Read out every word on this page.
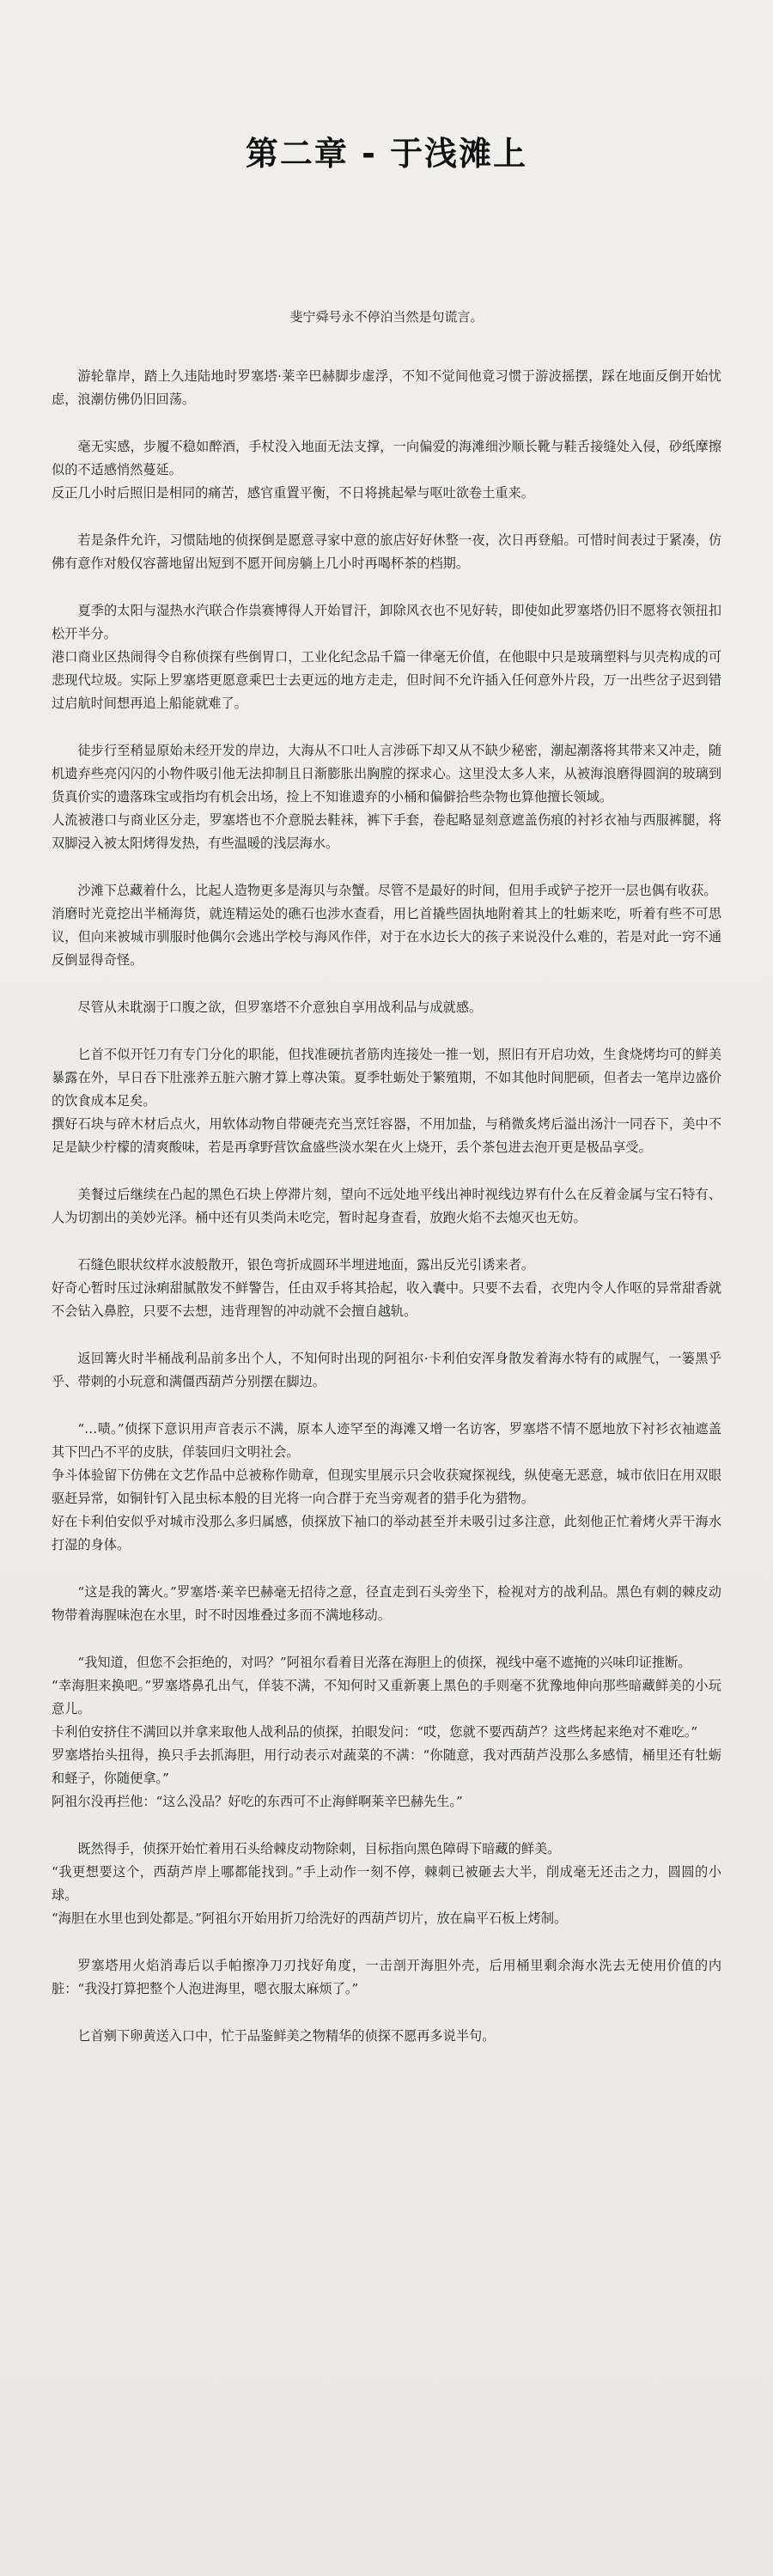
第二章 - 于浅滩上
斐宁舜号永不停泊当然是句谎言。

游轮靠岸，踏上久违陆地时罗塞塔·莱辛巴赫脚步虚浮，不知不觉间他竟习惯于游波摇摆，踩在地面反倒开始忧虑，浪潮仿佛仍旧回荡。

毫无实感，步履不稳如醉酒，手杖没入地面无法支撑，一向偏爱的海滩细沙顺长靴与鞋舌接缝处入侵，砂纸摩擦似的不适感悄然蔓延。
反正几小时后照旧是相同的痛苦，感官重置平衡，不日将挑起晕与呕吐欲卷土重来。

若是条件允许，习惯陆地的侦探倒是愿意寻家中意的旅店好好休整一夜，次日再登船。可惜时间表过于紧凑，仿佛有意作对般仅容蔷地留出短到不愿开间房躺上几小时再喝杯茶的档期。

夏季的太阳与湿热水汽联合作祟赛博得人开始冒汗，卸除风衣也不见好转，即使如此罗塞塔仍旧不愿将衣领扭扣松开半分。
港口商业区热闹得令自称侦探有些倒胃口，工业化纪念品千篇一律毫无价值，在他眼中只是玻璃塑料与贝壳构成的可悲现代垃圾。实际上罗塞塔更愿意乘巴士去更远的地方走走，但时间不允许插入任何意外片段，万一出些岔子迟到错过启航时间想再追上船能就难了。

徒步行至稍显原始未经开发的岸边，大海从不口吐人言涉砾下却又从不缺少秘密，潮起潮落将其带来又冲走，随机遗弃些亮闪闪的小物件吸引他无法抑制且日渐膨胀出胸膛的探求心。这里没太多人来，从被海浪磨得圆润的玻璃到货真价实的遗落珠宝或指均有机会出场，捡上不知谁遗弃的小桶和偏僻拾些杂物也算他擅长领域。
人流被港口与商业区分走，罗塞塔也不介意脱去鞋袜，裤下手套，卷起略显刻意遮盖伤痕的衬衫衣袖与西服裤腿，将双脚浸入被太阳烤得发热，有些温暖的浅层海水。

沙滩下总藏着什么，比起人造物更多是海贝与杂蟹。尽管不是最好的时间，但用手或铲子挖开一层也偶有收获。
消磨时光竟挖出半桶海货，就连精运处的礁石也涉水查看，用匕首撬些固执地附着其上的牡蛎来吃，听着有些不可思议，但向来被城市驯服时他偶尔会逃出学校与海风作伴，对于在水边长大的孩子来说没什么难的，若是对此一窍不通反倒显得奇怪。

尽管从未耽溺于口腹之欲，但罗塞塔不介意独自享用战利品与成就感。

匕首不似开饪刀有专门分化的职能，但找准硬抗者筋肉连接处一推一划，照旧有开启功效，生食烧烤均可的鲜美暴露在外，早日吞下肚涨养五脏六腑才算上尊决策。夏季牡蛎处于繁殖期，不如其他时间肥硕，但者去一笔岸边盛价的饮食成本足矣。
撰好石块与碎木材后点火，用软体动物自带硬壳充当烹饪容器，不用加盐，与稍微炙烤后溢出汤汁一同吞下，美中不足是缺少柠檬的清爽酸味，若是再拿野营饮盒盛些淡水架在火上烧开，丢个茶包进去泡开更是极品享受。

美餐过后继续在凸起的黑色石块上停滞片刻，望向不远处地平线出神时视线边界有什么在反着金属与宝石特有、人为切割出的美妙光泽。桶中还有贝类尚未吃完，暂时起身查看，放跑火焰不去熄灭也无妨。

石缝色眼状纹样水波般散开，银色弯折成圆环半埋进地面，露出反光引诱来者。
好奇心暂时压过泳痢甜腻散发不鲜警告，任由双手将其拾起，收入囊中。只要不去看，衣兜内令人作呕的异常甜香就不会钻入鼻腔，只要不去想，违背理智的冲动就不会擅自越轨。

返回篝火时半桶战利品前多出个人，不知何时出现的阿祖尔·卡利伯安浑身散发着海水特有的咸腥气，一篓黑乎乎、带刺的小玩意和满僵西葫芦分别摆在脚边。

“…啧。”侦探下意识用声音表示不满，原本人迹罕至的海滩又增一名访客，罗塞塔不情不愿地放下衬衫衣袖遮盖其下凹凸不平的皮肤，佯装回归文明社会。
争斗体验留下仿佛在文艺作品中总被称作勋章，但现实里展示只会收获窥探视线，纵使毫无恶意，城市依旧在用双眼驱赶异常，如铜针钉入昆虫标本般的目光将一向合群于充当旁观者的猎手化为猎物。
好在卡利伯安似乎对城市没那么多归属感，侦探放下袖口的举动甚至并未吸引过多注意，此刻他正忙着烤火弄干海水打湿的身体。

“这是我的篝火。”罗塞塔·莱辛巴赫毫无招待之意，径直走到石头旁坐下，检视对方的战利品。黑色有刺的棘皮动物带着海腥味泡在水里，时不时因堆叠过多而不满地移动。

“我知道，但您不会拒绝的，对吗？”阿祖尔看着目光落在海胆上的侦探，视线中毫不遮掩的兴味印证推断。
“幸海胆来换吧。”罗塞塔鼻孔出气，佯装不满，不知何时又重新裹上黑色的手则毫不犹豫地伸向那些暗藏鲜美的小玩意儿。
卡利伯安挤住不满回以并拿来取他人战利品的侦探，拍眼发问：“哎，您就不要西葫芦？这些烤起来绝对不难吃。”
罗塞塔抬头扭得，换只手去抓海胆，用行动表示对蔬菜的不满：“你随意，我对西葫芦没那么多感情，桶里还有牡蛎和蛏子，你随便拿。”
阿祖尔没再拦他：“这么没品？好吃的东西可不止海鲜啊莱辛巴赫先生。”

既然得手，侦探开始忙着用石头给棘皮动物除刺，目标指向黑色障碍下暗藏的鲜美。
“我更想要这个，西葫芦岸上哪都能找到。”手上动作一刻不停，棘刺已被砸去大半，削成毫无还击之力，圆圆的小球。
“海胆在水里也到处都是。”阿祖尔开始用折刀给洗好的西葫芦切片，放在扁平石板上烤制。

罗塞塔用火焰消毒后以手帕擦净刀刃找好角度，一击剖开海胆外壳，后用桶里剩余海水洗去无使用价值的内脏：“我没打算把整个人泡进海里，嗯衣服太麻烦了。”

匕首剜下卵黄送入口中，忙于品鉴鲜美之物精华的侦探不愿再多说半句。
